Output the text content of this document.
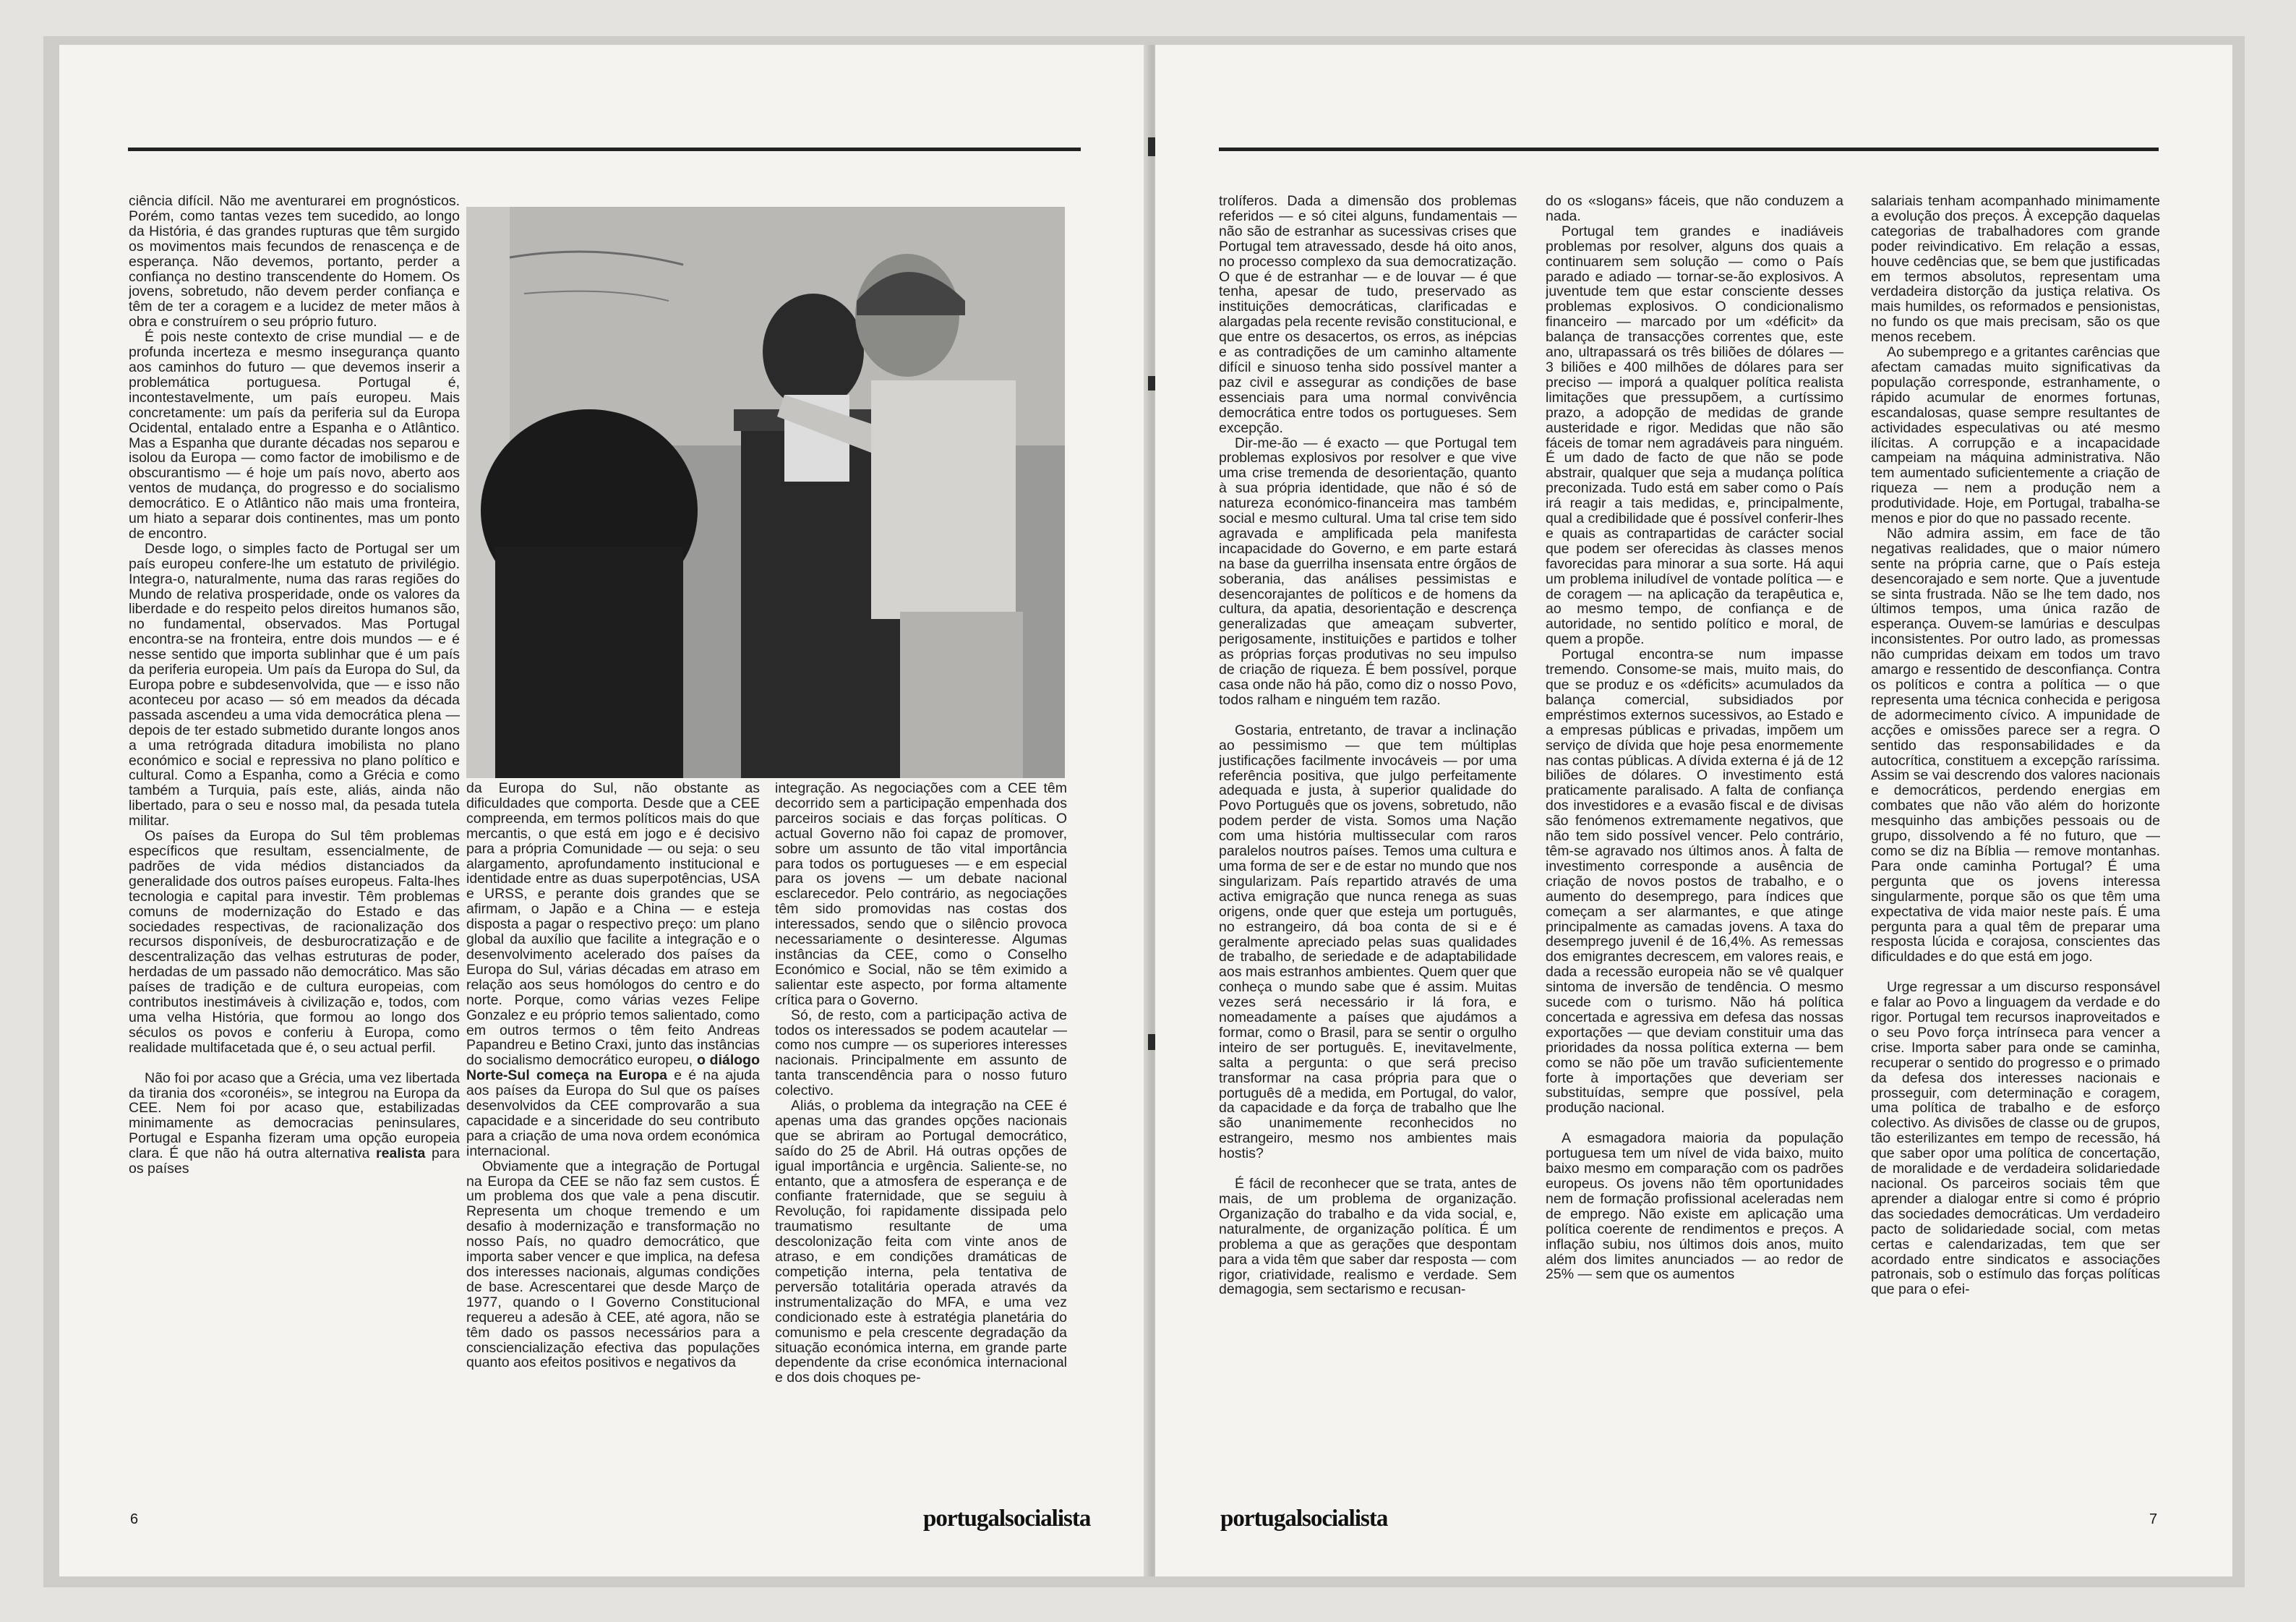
ciência difícil. Não me aventurarei em prognósticos. Porém, como tantas vezes tem sucedido, ao longo da História, é das grandes rupturas que têm surgido os movimentos mais fecundos de renascença e de esperança. Não devemos, portanto, perder a confiança no destino transcendente do Homem. Os jovens, sobretudo, não devem perder confiança e têm de ter a coragem e a lucidez de meter mãos à obra e construírem o seu próprio futuro.

É pois neste contexto de crise mundial — e de profunda incerteza e mesmo insegurança quanto aos caminhos do futuro — que devemos inserir a problemática portuguesa. Portugal é, incontestavelmente, um país europeu. Mais concretamente: um país da periferia sul da Europa Ocidental, entalado entre a Espanha e o Atlântico. Mas a Espanha que durante décadas nos separou e isolou da Europa — como factor de imobilismo e de obscurantismo — é hoje um país novo, aberto aos ventos de mudança, do progresso e do socialismo democrático. E o Atlântico não mais uma fronteira, um hiato a separar dois continentes, mas um ponto de encontro.

Desde logo, o simples facto de Portugal ser um país europeu confere-lhe um estatuto de privilégio. Integra-o, naturalmente, numa das raras regiões do Mundo de relativa prosperidade, onde os valores da liberdade e do respeito pelos direitos humanos são, no fundamental, observados. Mas Portugal encontra-se na fronteira, entre dois mundos — e é nesse sentido que importa sublinhar que é um país da periferia europeia. Um país da Europa do Sul, da Europa pobre e subdesenvolvida, que — e isso não aconteceu por acaso — só em meados da década passada ascendeu a uma vida democrática plena — depois de ter estado submetido durante longos anos a uma retrógrada ditadura imobilista no plano económico e social e repressiva no plano político e cultural. Como a Espanha, como a Grécia e como também a Turquia, país este, aliás, ainda não libertado, para o seu e nosso mal, da pesada tutela militar.

Os países da Europa do Sul têm problemas específicos que resultam, essencialmente, de padrões de vida médios distanciados da generalidade dos outros países europeus. Falta-lhes tecnologia e capital para investir. Têm problemas comuns de modernização do Estado e das sociedades respectivas, de racionalização dos recursos disponíveis, de desburocratização e de descentralização das velhas estruturas de poder, herdadas de um passado não democrático. Mas são países de tradição e de cultura europeias, com contributos inestimáveis à civilização e, todos, com uma velha História, que formou ao longo dos séculos os povos e conferiu à Europa, como realidade multifacetada que é, o seu actual perfil.

Não foi por acaso que a Grécia, uma vez libertada da tirania dos «coronéis», se integrou na Europa da CEE. Nem foi por acaso que, estabilizadas minimamente as democracias peninsulares, Portugal e Espanha fizeram uma opção europeia clara. É que não há outra alternativa realista para os países

da Europa do Sul, não obstante as dificuldades que comporta. Desde que a CEE compreenda, em termos políticos mais do que mercantis, o que está em jogo e é decisivo para a própria Comunidade — ou seja: o seu alargamento, aprofundamento institucional e identidade entre as duas superpotências, USA e URSS, e perante dois grandes que se afirmam, o Japão e a China — e esteja disposta a pagar o respectivo preço: um plano global da auxílio que facilite a integração e o desenvolvimento acelerado dos países da Europa do Sul, várias décadas em atraso em relação aos seus homólogos do centro e do norte. Porque, como várias vezes Felipe Gonzalez e eu próprio temos salientado, como em outros termos o têm feito Andreas Papandreu e Betino Craxi, junto das instâncias do socialismo democrático europeu, o diálogo Norte-Sul começa na Europa e é na ajuda aos países da Europa do Sul que os países desenvolvidos da CEE comprovarão a sua capacidade e a sinceridade do seu contributo para a criação de uma nova ordem económica internacional.

Obviamente que a integração de Portugal na Europa da CEE se não faz sem custos. É um problema dos que vale a pena discutir. Representa um choque tremendo e um desafio à modernização e transformação no nosso País, no quadro democrático, que importa saber vencer e que implica, na defesa dos interesses nacionais, algumas condições de base. Acrescentarei que desde Março de 1977, quando o I Governo Constitucional requereu a adesão à CEE, até agora, não se têm dado os passos necessários para a consciencialização efectiva das populações quanto aos efeitos positivos e negativos da

integração. As negociações com a CEE têm decorrido sem a participação empenhada dos parceiros sociais e das forças políticas. O actual Governo não foi capaz de promover, sobre um assunto de tão vital importância para todos os portugueses — e em especial para os jovens — um debate nacional esclarecedor. Pelo contrário, as negociações têm sido promovidas nas costas dos interessados, sendo que o silêncio provoca necessariamente o desinteresse. Algumas instâncias da CEE, como o Conselho Económico e Social, não se têm eximido a salientar este aspecto, por forma altamente crítica para o Governo.

Só, de resto, com a participação activa de todos os interessados se podem acautelar — como nos cumpre — os superiores interesses nacionais. Principalmente em assunto de tanta transcendência para o nosso futuro colectivo.

Aliás, o problema da integração na CEE é apenas uma das grandes opções nacionais que se abriram ao Portugal democrático, saído do 25 de Abril. Há outras opções de igual importância e urgência. Saliente-se, no entanto, que a atmosfera de esperança e de confiante fraternidade, que se seguiu à Revolução, foi rapidamente dissipada pelo traumatismo resultante de uma descolonização feita com vinte anos de atraso, e em condições dramáticas de competição interna, pela tentativa de perversão totalitária operada através da instrumentalização do MFA, e uma vez condicionado este à estratégia planetária do comunismo e pela crescente degradação da situação económica interna, em grande parte dependente da crise económica internacional e dos dois choques pe-

6	portugalsocialista

trolíferos. Dada a dimensão dos problemas referidos — e só citei alguns, fundamentais — não são de estranhar as sucessivas crises que Portugal tem atravessado, desde há oito anos, no processo complexo da sua democratização. O que é de estranhar — e de louvar — é que tenha, apesar de tudo, preservado as instituições democráticas, clarificadas e alargadas pela recente revisão constitucional, e que entre os desacertos, os erros, as inépcias e as contradições de um caminho altamente difícil e sinuoso tenha sido possível manter a paz civil e assegurar as condições de base essenciais para uma normal convivência democrática entre todos os portugueses. Sem excepção.

Dir-me-ão — é exacto — que Portugal tem problemas explosivos por resolver e que vive uma crise tremenda de desorientação, quanto à sua própria identidade, que não é só de natureza económico-financeira mas também social e mesmo cultural. Uma tal crise tem sido agravada e amplificada pela manifesta incapacidade do Governo, e em parte estará na base da guerrilha insensata entre órgãos de soberania, das análises pessimistas e desencorajantes de políticos e de homens da cultura, da apatia, desorientação e descrença generalizadas que ameaçam subverter, perigosamente, instituições e partidos e tolher as próprias forças produtivas no seu impulso de criação de riqueza. É bem possível, porque casa onde não há pão, como diz o nosso Povo, todos ralham e ninguém tem razão.

Gostaria, entretanto, de travar a inclinação ao pessimismo — que tem múltiplas justificações facilmente invocáveis — por uma referência positiva, que julgo perfeitamente adequada e justa, à superior qualidade do Povo Português que os jovens, sobretudo, não podem perder de vista. Somos uma Nação com uma história multissecular com raros paralelos noutros países. Temos uma cultura e uma forma de ser e de estar no mundo que nos singularizam. País repartido através de uma activa emigração que nunca renega as suas origens, onde quer que esteja um português, no estrangeiro, dá boa conta de si e é geralmente apreciado pelas suas qualidades de trabalho, de seriedade e de adaptabilidade aos mais estranhos ambientes. Quem quer que conheça o mundo sabe que é assim. Muitas vezes será necessário ir lá fora, e nomeadamente a países que ajudámos a formar, como o Brasil, para se sentir o orgulho inteiro de ser português. E, inevitavelmente, salta a pergunta: o que será preciso transformar na casa própria para que o português dê a medida, em Portugal, do valor, da capacidade e da força de trabalho que lhe são unanimemente reconhecidos no estrangeiro, mesmo nos ambientes mais hostis?

É fácil de reconhecer que se trata, antes de mais, de um problema de organização. Organização do trabalho e da vida social, e, naturalmente, de organização política. É um problema a que as gerações que despontam para a vida têm que saber dar resposta — com rigor, criatividade, realismo e verdade. Sem demagogia, sem sectarismo e recusan-

do os «slogans» fáceis, que não conduzem a nada.

Portugal tem grandes e inadiáveis problemas por resolver, alguns dos quais a continuarem sem solução — como o País parado e adiado — tornar-se-ão explosivos. A juventude tem que estar consciente desses problemas explosivos. O condicionalismo financeiro — marcado por um «déficit» da balança de transacções correntes que, este ano, ultrapassará os três biliões de dólares — 3 biliões e 400 milhões de dólares para ser preciso — imporá a qualquer política realista limitações que pressupõem, a curtíssimo prazo, a adopção de medidas de grande austeridade e rigor. Medidas que não são fáceis de tomar nem agradáveis para ninguém. É um dado de facto de que não se pode abstrair, qualquer que seja a mudança política preconizada. Tudo está em saber como o País irá reagir a tais medidas, e, principalmente, qual a credibilidade que é possível conferir-lhes e quais as contrapartidas de carácter social que podem ser oferecidas às classes menos favorecidas para minorar a sua sorte. Há aqui um problema iniludível de vontade política — e de coragem — na aplicação da terapêutica e, ao mesmo tempo, de confiança e de autoridade, no sentido político e moral, de quem a propõe.

Portugal encontra-se num impasse tremendo. Consome-se mais, muito mais, do que se produz e os «déficits» acumulados da balança comercial, subsidiados por empréstimos externos sucessivos, ao Estado e a empresas públicas e privadas, impõem um serviço de dívida que hoje pesa enormemente nas contas públicas. A dívida externa é já de 12 biliões de dólares. O investimento está praticamente paralisado. A falta de confiança dos investidores e a evasão fiscal e de divisas são fenómenos extremamente negativos, que não tem sido possível vencer. Pelo contrário, têm-se agravado nos últimos anos. À falta de investimento corresponde a ausência de criação de novos postos de trabalho, e o aumento do desemprego, para índices que começam a ser alarmantes, e que atinge principalmente as camadas jovens. A taxa do desemprego juvenil é de 16,4%. As remessas dos emigrantes decrescem, em valores reais, e dada a recessão europeia não se vê qualquer sintoma de inversão de tendência. O mesmo sucede com o turismo. Não há política concertada e agressiva em defesa das nossas exportações — que deviam constituir uma das prioridades da nossa política externa — bem como se não põe um travão suficientemente forte à importações que deveriam ser substituídas, sempre que possível, pela produção nacional.

A esmagadora maioria da população portuguesa tem um nível de vida baixo, muito baixo mesmo em comparação com os padrões europeus. Os jovens não têm oportunidades nem de formação profissional aceleradas nem de emprego. Não existe em aplicação uma política coerente de rendimentos e preços. A inflação subiu, nos últimos dois anos, muito além dos limites anunciados — ao redor de 25% — sem que os aumentos

salariais tenham acompanhado minimamente a evolução dos preços. À excepção daquelas categorias de trabalhadores com grande poder reivindicativo. Em relação a essas, houve cedências que, se bem que justificadas em termos absolutos, representam uma verdadeira distorção da justiça relativa. Os mais humildes, os reformados e pensionistas, no fundo os que mais precisam, são os que menos recebem.

Ao subemprego e a gritantes carências que afectam camadas muito significativas da população corresponde, estranhamente, o rápido acumular de enormes fortunas, escandalosas, quase sempre resultantes de actividades especulativas ou até mesmo ilícitas. A corrupção e a incapacidade campeiam na máquina administrativa. Não tem aumentado suficientemente a criação de riqueza — nem a produção nem a produtividade. Hoje, em Portugal, trabalha-se menos e pior do que no passado recente.

Não admira assim, em face de tão negativas realidades, que o maior número sente na própria carne, que o País esteja desencorajado e sem norte. Que a juventude se sinta frustrada. Não se lhe tem dado, nos últimos tempos, uma única razão de esperança. Ouvem-se lamúrias e desculpas inconsistentes. Por outro lado, as promessas não cumpridas deixam em todos um travo amargo e ressentido de desconfiança. Contra os políticos e contra a política — o que representa uma técnica conhecida e perigosa de adormecimento cívico. A impunidade de acções e omissões parece ser a regra. O sentido das responsabilidades e da autocrítica, constituem a excepção raríssima. Assim se vai descrendo dos valores nacionais e democráticos, perdendo energias em combates que não vão além do horizonte mesquinho das ambições pessoais ou de grupo, dissolvendo a fé no futuro, que — como se diz na Bíblia — remove montanhas. Para onde caminha Portugal? É uma pergunta que os jovens interessa singularmente, porque são os que têm uma expectativa de vida maior neste país. É uma pergunta para a qual têm de preparar uma resposta lúcida e corajosa, conscientes das dificuldades e do que está em jogo.

Urge regressar a um discurso responsável e falar ao Povo a linguagem da verdade e do rigor. Portugal tem recursos inaproveitados e o seu Povo força intrínseca para vencer a crise. Importa saber para onde se caminha, recuperar o sentido do progresso e o primado da defesa dos interesses nacionais e prosseguir, com determinação e coragem, uma política de trabalho e de esforço colectivo. As divisões de classe ou de grupos, tão esterilizantes em tempo de recessão, há que saber opor uma política de concertação, de moralidade e de verdadeira solidariedade nacional. Os parceiros sociais têm que aprender a dialogar entre si como é próprio das sociedades democráticas. Um verdadeiro pacto de solidariedade social, com metas certas e calendarizadas, tem que ser acordado entre sindicatos e associações patronais, sob o estímulo das forças políticas que para o efei-

portugalsocialista	7
